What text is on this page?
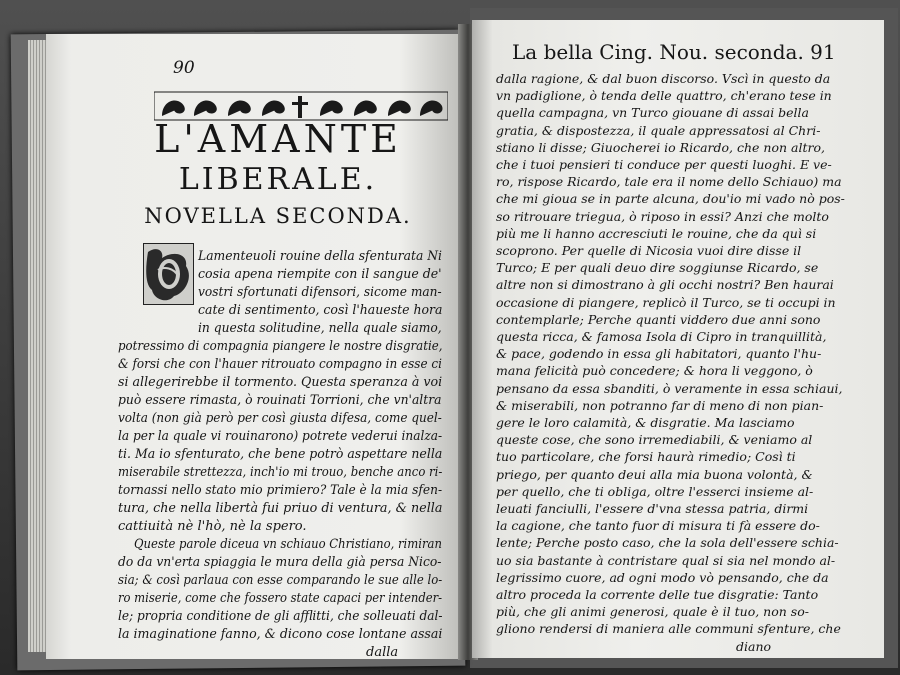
90
L'AMANTE
LIBERALE.
NOVELLA SECONDA.
Lamenteuoli rouine della sfenturata Ni
cosia apena riempite con il sangue de'
vostri sfortunati difensori, sicome man-
cate di sentimento, così l'haueste hora
in questa solitudine, nella quale siamo,
potressimo di compagnia piangere le nostre disgratie,
& forsi che con l'hauer ritrouato compagno in esse ci
si allegerirebbe il tormento. Questa speranza à voi
può essere rimasta, ò rouinati Torrioni, che vn'altra
volta (non già però per così giusta difesa, come quel-
la per la quale vi rouinarono) potrete vederui inalza-
ti. Ma io sfenturato, che bene potrò aspettare nella
miserabile strettezza, inch'io mi trouo, benche anco ri-
tornassi nello stato mio primiero? Tale è la mia sfen-
tura, che nella libertà fui priuo di ventura, & nella
cattiuità nè l'hò, nè la spero.
Queste parole diceua vn schiauo Christiano, rimiran
do da vn'erta spiaggia le mura della già persa Nico-
sia; & così parlaua con esse comparando le sue alle lo-
ro miserie, come che fossero state capaci per intender-
le; propria conditione de gli afflitti, che solleuati dal-
la imaginatione fanno, & dicono cose lontane assai
dalla
La bella Cing. Nou. seconda. 91
dalla ragione, & dal buon discorso. Vscì in questo da
vn padiglione, ò tenda delle quattro, ch'erano tese in
quella campagna, vn Turco giouane di assai bella
gratia, & dispostezza, il quale appressatosi al Chri-
stiano li disse; Giuocherei io Ricardo, che non altro,
che i tuoi pensieri ti conduce per questi luoghi. E ve-
ro, rispose Ricardo, tale era il nome dello Schiauo) ma
che mi gioua se in parte alcuna, dou'io mi vado nò pos-
so ritrouare triegua, ò riposo in essi? Anzi che molto
più me li hanno accresciuti le rouine, che da quì si
scoprono. Per quelle di Nicosia vuoi dire disse il
Turco; E per quali deuo dire soggiunse Ricardo, se
altre non si dimostrano à gli occhi nostri? Ben haurai
occasione di piangere, replicò il Turco, se ti occupi in
contemplarle; Perche quanti viddero due anni sono
questa ricca, & famosa Isola di Cipro in tranquillità,
& pace, godendo in essa gli habitatori, quanto l'hu-
mana felicità può concedere; & hora li veggono, ò
pensano da essa sbanditi, ò veramente in essa schiaui,
& miserabili, non potranno far di meno di non pian-
gere le loro calamità, & disgratie. Ma lasciamo
queste cose, che sono irremediabili, & veniamo al
tuo particolare, che forsi haurà rimedio; Così ti
priego, per quanto deui alla mia buona volontà, &
per quello, che ti obliga, oltre l'esserci insieme al-
leuati fanciulli, l'essere d'vna stessa patria, dirmi
la cagione, che tanto fuor di misura ti fà essere do-
lente; Perche posto caso, che la sola dell'essere schia-
uo sia bastante à contristare qual si sia nel mondo al-
legrissimo cuore, ad ogni modo vò pensando, che da
altro proceda la corrente delle tue disgratie: Tanto
più, che gli animi generosi, quale è il tuo, non so-
gliono rendersi di maniera alle communi sfenture, che
diano
